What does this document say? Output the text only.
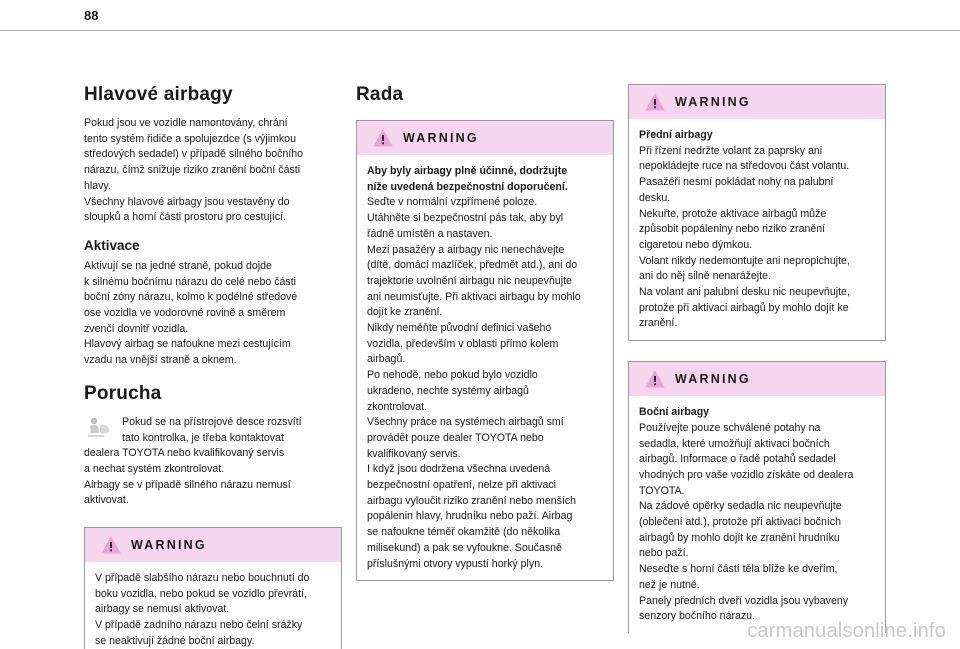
88
Hlavové airbagy
Pokud jsou ve vozidle namontovány, chrání
tento systém řidiče a spolujezdce (s výjimkou
středových sedadel) v případě silného bočního
nárazu, čímž snižuje riziko zranění boční části
hlavy.
Všechny hlavové airbagy jsou vestavěny do
sloupků a horní části prostoru pro cestující.
Aktivace
Aktivují se na jedné straně, pokud dojde
k silnému bočnímu nárazu do celé nebo části
boční zóny nárazu, kolmo k podélné středové
ose vozidla ve vodorovné rovině a směrem
zvenčí dovnitř vozidla.
Hlavový airbag se nafoukne mezi cestujícím
vzadu na vnější straně a oknem.
Porucha
Pokud se na přístrojové desce rozsvítí
tato kontrolka, je třeba kontaktovat
dealera TOYOTA nebo kvalifikovaný servis
a nechat systém zkontrolovat.
Airbagy se v případě silného nárazu nemusí
aktivovat.
WARNING
V případě slabšího nárazu nebo bouchnutí do
boku vozidla, nebo pokud se vozidlo převrátí,
airbagy se nemusí aktivovat.
V případě zadního nárazu nebo čelní srážky
se neaktivují žádné boční airbagy.
Rada
WARNING
Aby byly airbagy plně účinné, dodržujte
níže uvedená bezpečnostní doporučení.
Seďte v normální vzpřímené poloze.
Utáhněte si bezpečnostní pás tak, aby byl
řádně umístěn a nastaven.
Mezi pasažéry a airbagy nic nenechávejte
(dítě, domácí mazlíček, předmět atd.), ani do
trajektorie uvolnění airbagu nic neupevňujte
ani neumisťujte. Při aktivaci airbagu by mohlo
dojít ke zranění.
Nikdy neměňte původní definici vašeho
vozidla, především v oblasti přímo kolem
airbagů.
Po nehodě, nebo pokud bylo vozidlo
ukradeno, nechte systémy airbagů
zkontrolovat.
Všechny práce na systémech airbagů smí
provádět pouze dealer TOYOTA nebo
kvalifikovaný servis.
I když jsou dodržena všechna uvedená
bezpečnostní opatření, nelze při aktivaci
airbagu vyloučit riziko zranění nebo menších
popálenin hlavy, hrudníku nebo paží. Airbag
se nafoukne téměř okamžitě (do několika
milisekund) a pak se vyfoukne. Současně
příslušnými otvory vypustí horký plyn.
WARNING
Přední airbagy
Při řízení nedržte volant za paprsky ani
nepokládejte ruce na středovou část volantu.
Pasažéři nesmí pokládat nohy na palubní
desku.
Nekuřte, protože aktivace airbagů může
způsobit popáleniny nebo riziko zranění
cigaretou nebo dýmkou.
Volant nikdy nedemontujte ani nepropichujte,
ani do něj silně nenarážejte.
Na volant ani palubní desku nic neupevňujte,
protože při aktivaci airbagů by mohlo dojít ke
zranění.
WARNING
Boční airbagy
Používejte pouze schválené potahy na
sedadla, které umožňují aktivaci bočních
airbagů. Informace o řadě potahů sedadel
vhodných pro vaše vozidlo získáte od dealera
TOYOTA.
Na zádové opěrky sedadla nic neupevňujte
(oblečení atd.), protože při aktivaci bočních
airbagů by mohlo dojít ke zranění hrudníku
nebo paží.
Neseďte s horní částí těla blíže ke dveřím,
než je nutné.
Panely předních dveří vozidla jsou vybaveny
senzory bočního nárazu.
carmanualsonline.info
